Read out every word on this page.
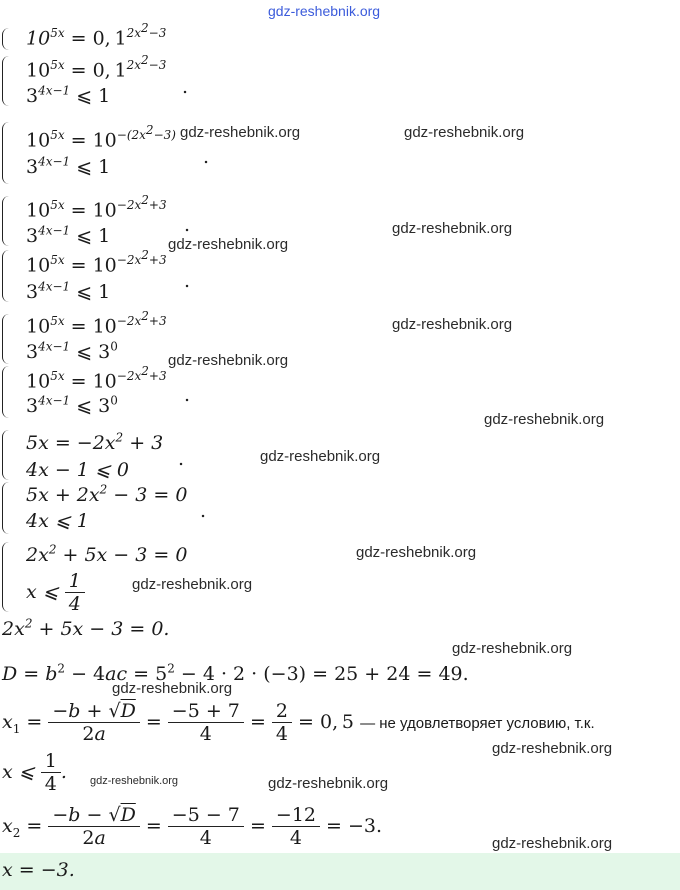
gdz-reshebnik.org
$10^{5x} = 0$, $1^{2x^2-3}$
$10^{5x} = 0$, $1^{2x^2-3}$
$3^{4x-1}$ ⩽ 1	.
$10^{5x} = 10^{-(2x^2-3)}$
$3^{4x-1}$ ⩽ 1	.
gdz-reshebnik.org	gdz-reshebnik.org
$10^{5x} = 10^{-2x^2+3}$
$3^{4x-1}$ ⩽ 1	.
gdz-reshebnik.org
gdz-reshebnik.org
$10^{5x} = 10^{-2x^2+3}$
$3^{4x-1}$ ⩽ 1	.
$10^{5x} = 10^{-2x^2+3}$
$3^{4x-1}$ ⩽ $3^0$
gdz-reshebnik.org
gdz-reshebnik.org
$10^{5x} = 10^{-2x^2+3}$
$3^{4x-1}$ ⩽ $3^0$	.
gdz-reshebnik.org
$5x = -2x^2 + 3$
4x − 1 ⩽ 0	.	gdz-reshebnik.org
$5x + 2x^2 - 3 = 0$
4x ⩽ 1	.
$2x^2 + 5x - 3 = 0$
x ⩽ $\frac{1}{4}$
gdz-reshebnik.org
gdz-reshebnik.org
$2x^2 + 5x - 3 = 0$.
gdz-reshebnik.org
$D = b^2 - 4ac = 5^2 - 4 \cdot 2 \cdot (-3) = 25 + 24 = 49$.
gdz-reshebnik.org
$x_1 = \frac{-b + √D}{2a} = \frac{-5 + 7}{4} = \frac{2}{4} = 0$, 5 — не удовлетворяет условию, т.к.
gdz-reshebnik.org
x ⩽ $\frac{1}{4}$ . gdz-reshebnik.org	gdz-reshebnik.org
$x_2 = \frac{-b - √D}{2a} = \frac{-5 - 7}{4} = \frac{-12}{4} = -3$.
gdz-reshebnik.org
x = −3.
